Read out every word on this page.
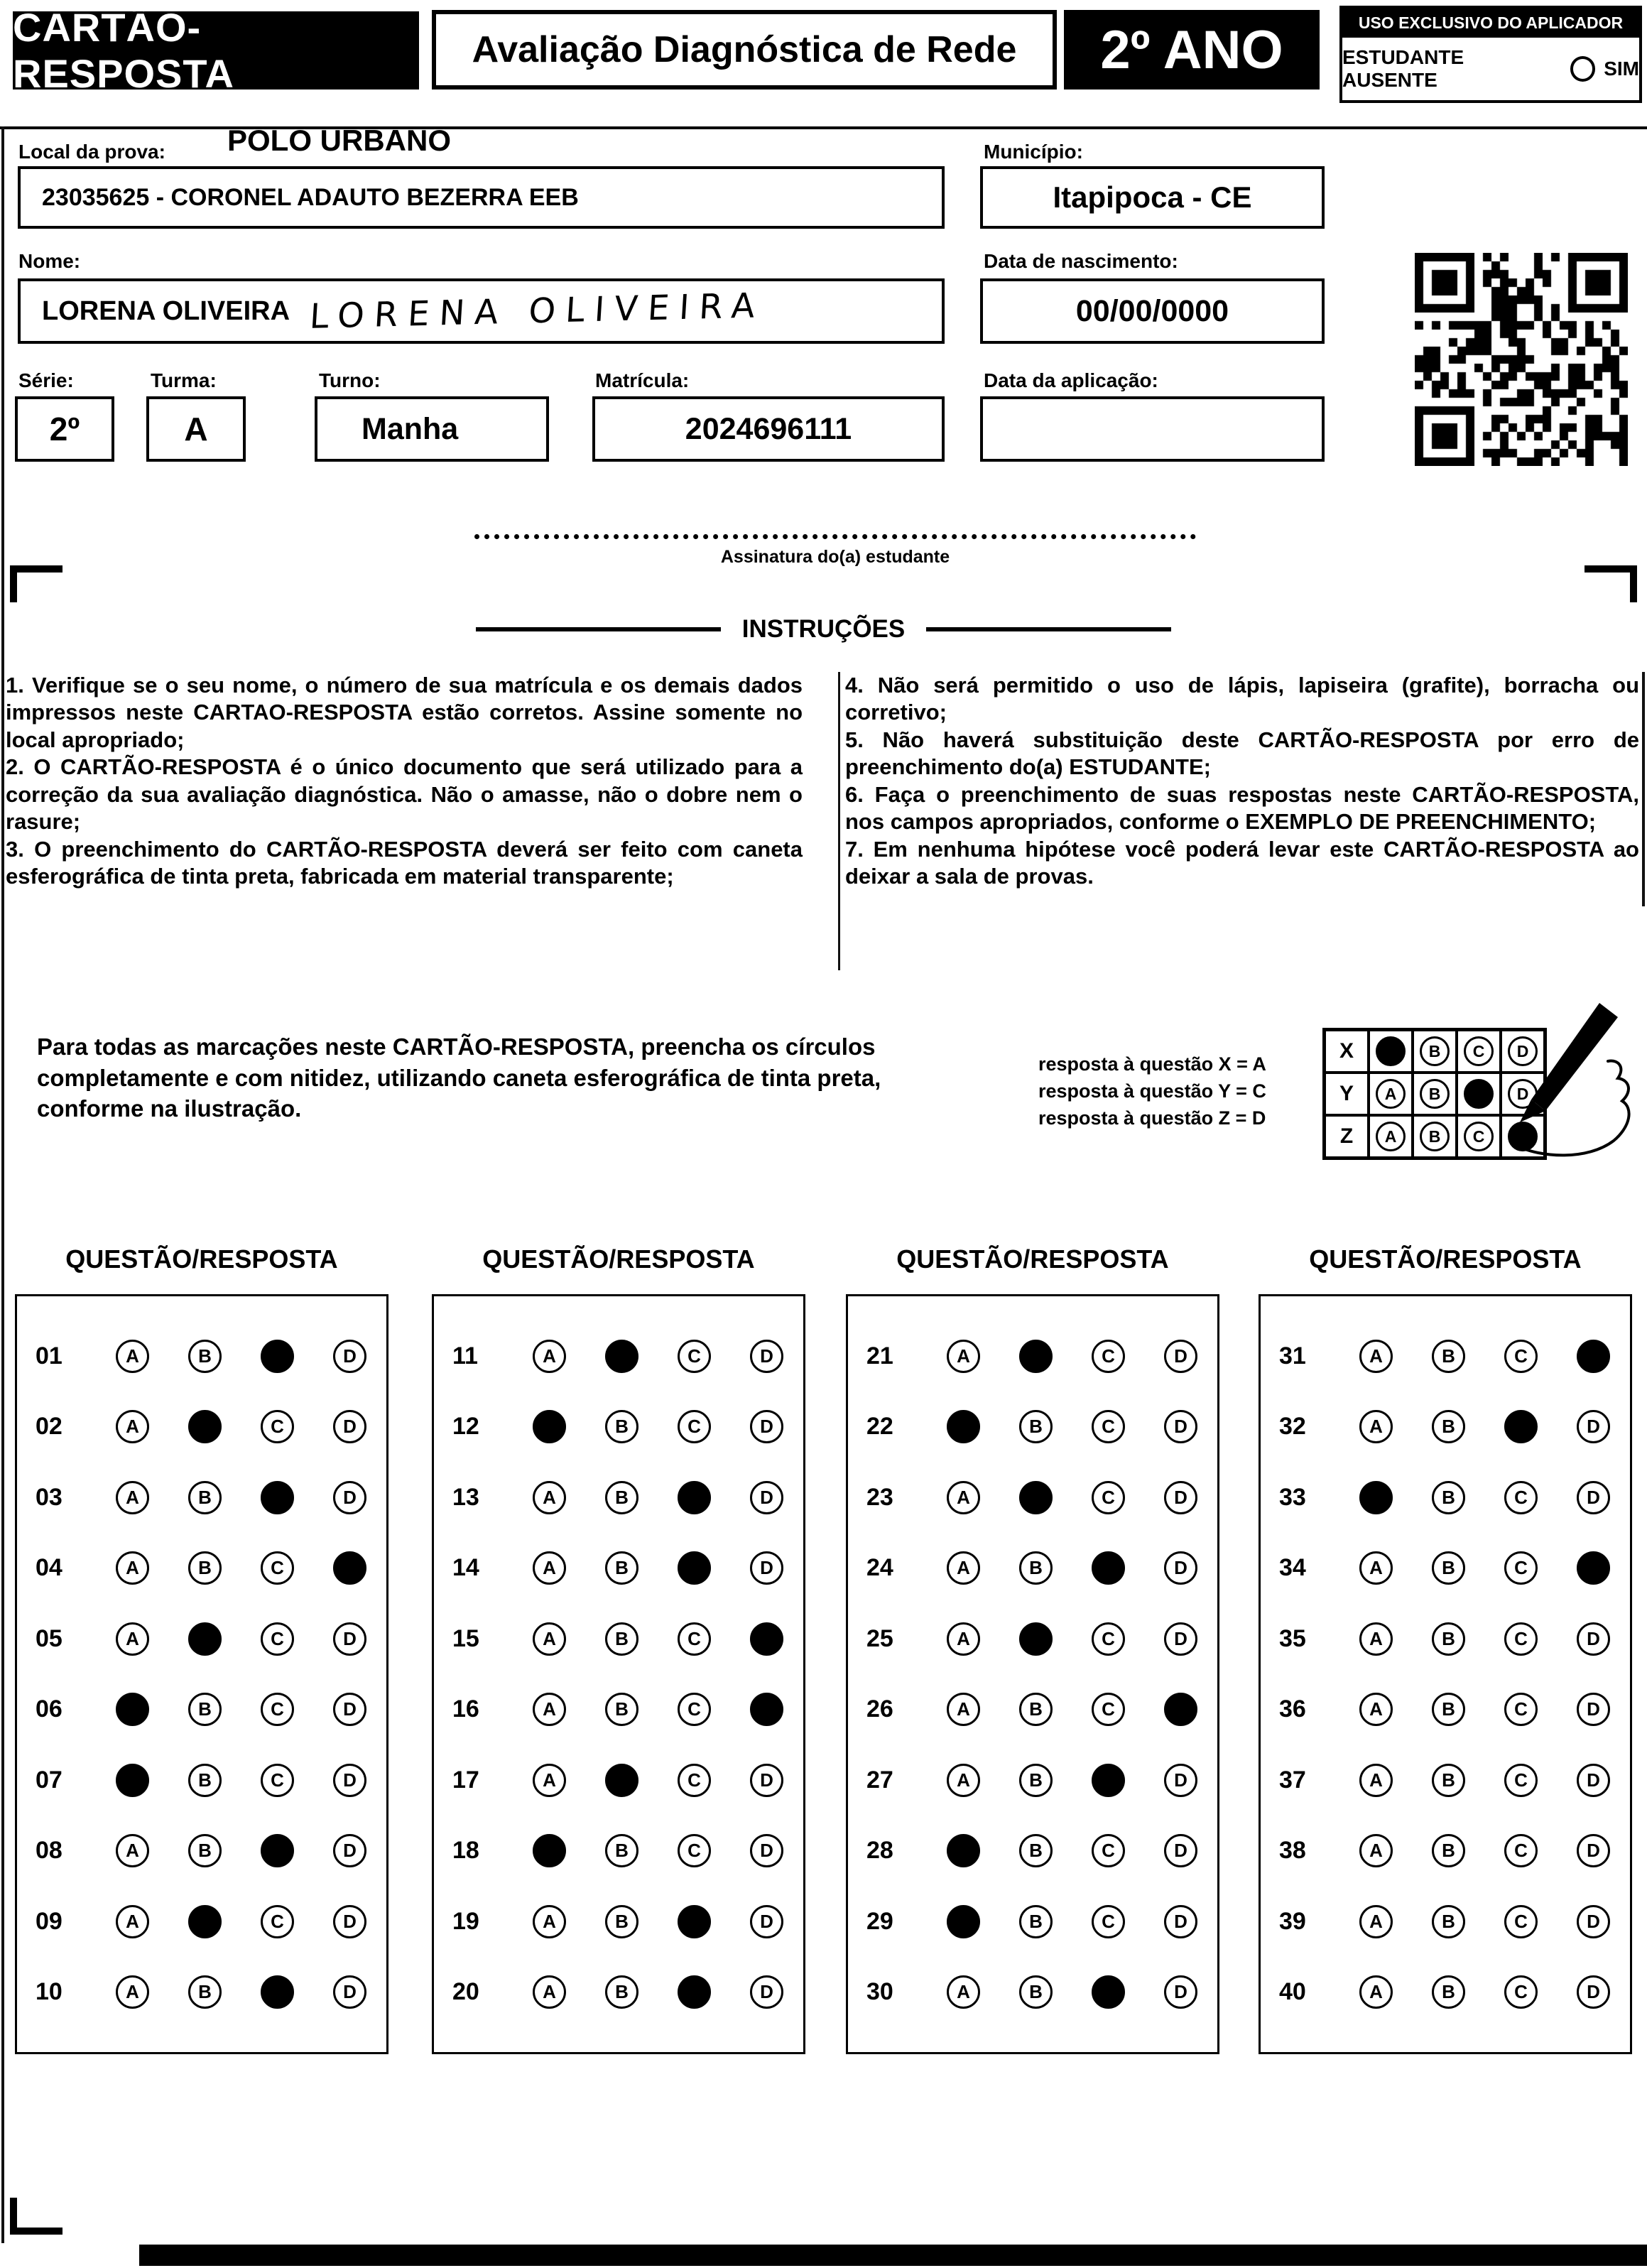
CARTÃO-RESPOSTA
Avaliação Diagnóstica de Rede	2º ANO	USO EXCLUSIVO DO APLICADOR
ESTUDANTE AUSENTE
SIM
Local da prova: POLO URBANO	Município:
23035625 - CORONEL ADAUTO BEZERRA EEB	Itapipoca - CE
Nome:	Data de nascimento:
LORENA OLIVEIRA LORENA OLIVEIRA	00/00/0000
Série:	Turma:	Turno:	Matrícula:	Data da aplicação:
2º	A	Manha	2024696111
Assinatura do(a) estudante
INSTRUÇÕES

1. Verifique se o seu nome, o número de sua matrícula e os demais dados impressos neste CARTAO-RESPOSTA estão corretos. Assine somente no local apropriado;

2. O CARTÃO-RESPOSTA é o único documento que será utilizado para a correção da sua avaliação diagnóstica. Não o amasse, não o dobre nem o rasure;

3. O preenchimento do CARTÃO-RESPOSTA deverá ser feito com caneta esferográfica de tinta preta, fabricada em material transparente;

4. Não será permitido o uso de lápis, lapiseira (grafite), borracha ou corretivo;

5. Não haverá substituição deste CARTÃO-RESPOSTA por erro de preenchimento do(a) ESTUDANTE;

6. Faça o preenchimento de suas respostas neste CARTÃO-RESPOSTA, nos campos apropriados, conforme o EXEMPLO DE PREENCHIMENTO;

7. Em nenhuma hipótese você poderá levar este CARTÃO-RESPOSTA ao deixar a sala de provas.

Para todas as marcações neste CARTÃO-RESPOSTA, preencha os círculos completamente e com nitidez, utilizando caneta esferográfica de tinta preta, conforme na ilustração.

resposta à questão X = A

resposta à questão Y = C

resposta à questão Z = D

X	A	B	C	D
Y	A	B	C	D
Z	A	B	C	D
QUESTÃO/RESPOSTA	QUESTÃO/RESPOSTA	QUESTÃO/RESPOSTA	QUESTÃO/RESPOSTA
01	A	B	C	D
02	A	B	C	D
03	A	B	C	D
04	A	B	C	D
05	A	B	C	D
06	A	B	C	D
07	A	B	C	D
08	A	B	C	D
09	A	B	C	D
10	A	B	C	D
11	A	B	C	D
12	A	B	C	D
13	A	B	C	D
14	A	B	C	D
15	A	B	C	D
16	A	B	C	D
17	A	B	C	D
18	A	B	C	D
19	A	B	C	D
20	A	B	C	D
21	A	B	C	D
22	A	B	C	D
23	A	B	C	D
24	A	B	C	D
25	A	B	C	D
26	A	B	C	D
27	A	B	C	D
28	A	B	C	D
29	A	B	C	D
30	A	B	C	D
31	A	B	C	D
32	A	B	C	D
33	A	B	C	D
34	A	B	C	D
35	A	B	C	D
36	A	B	C	D
37	A	B	C	D
38	A	B	C	D
39	A	B	C	D
40	A	B	C	D
